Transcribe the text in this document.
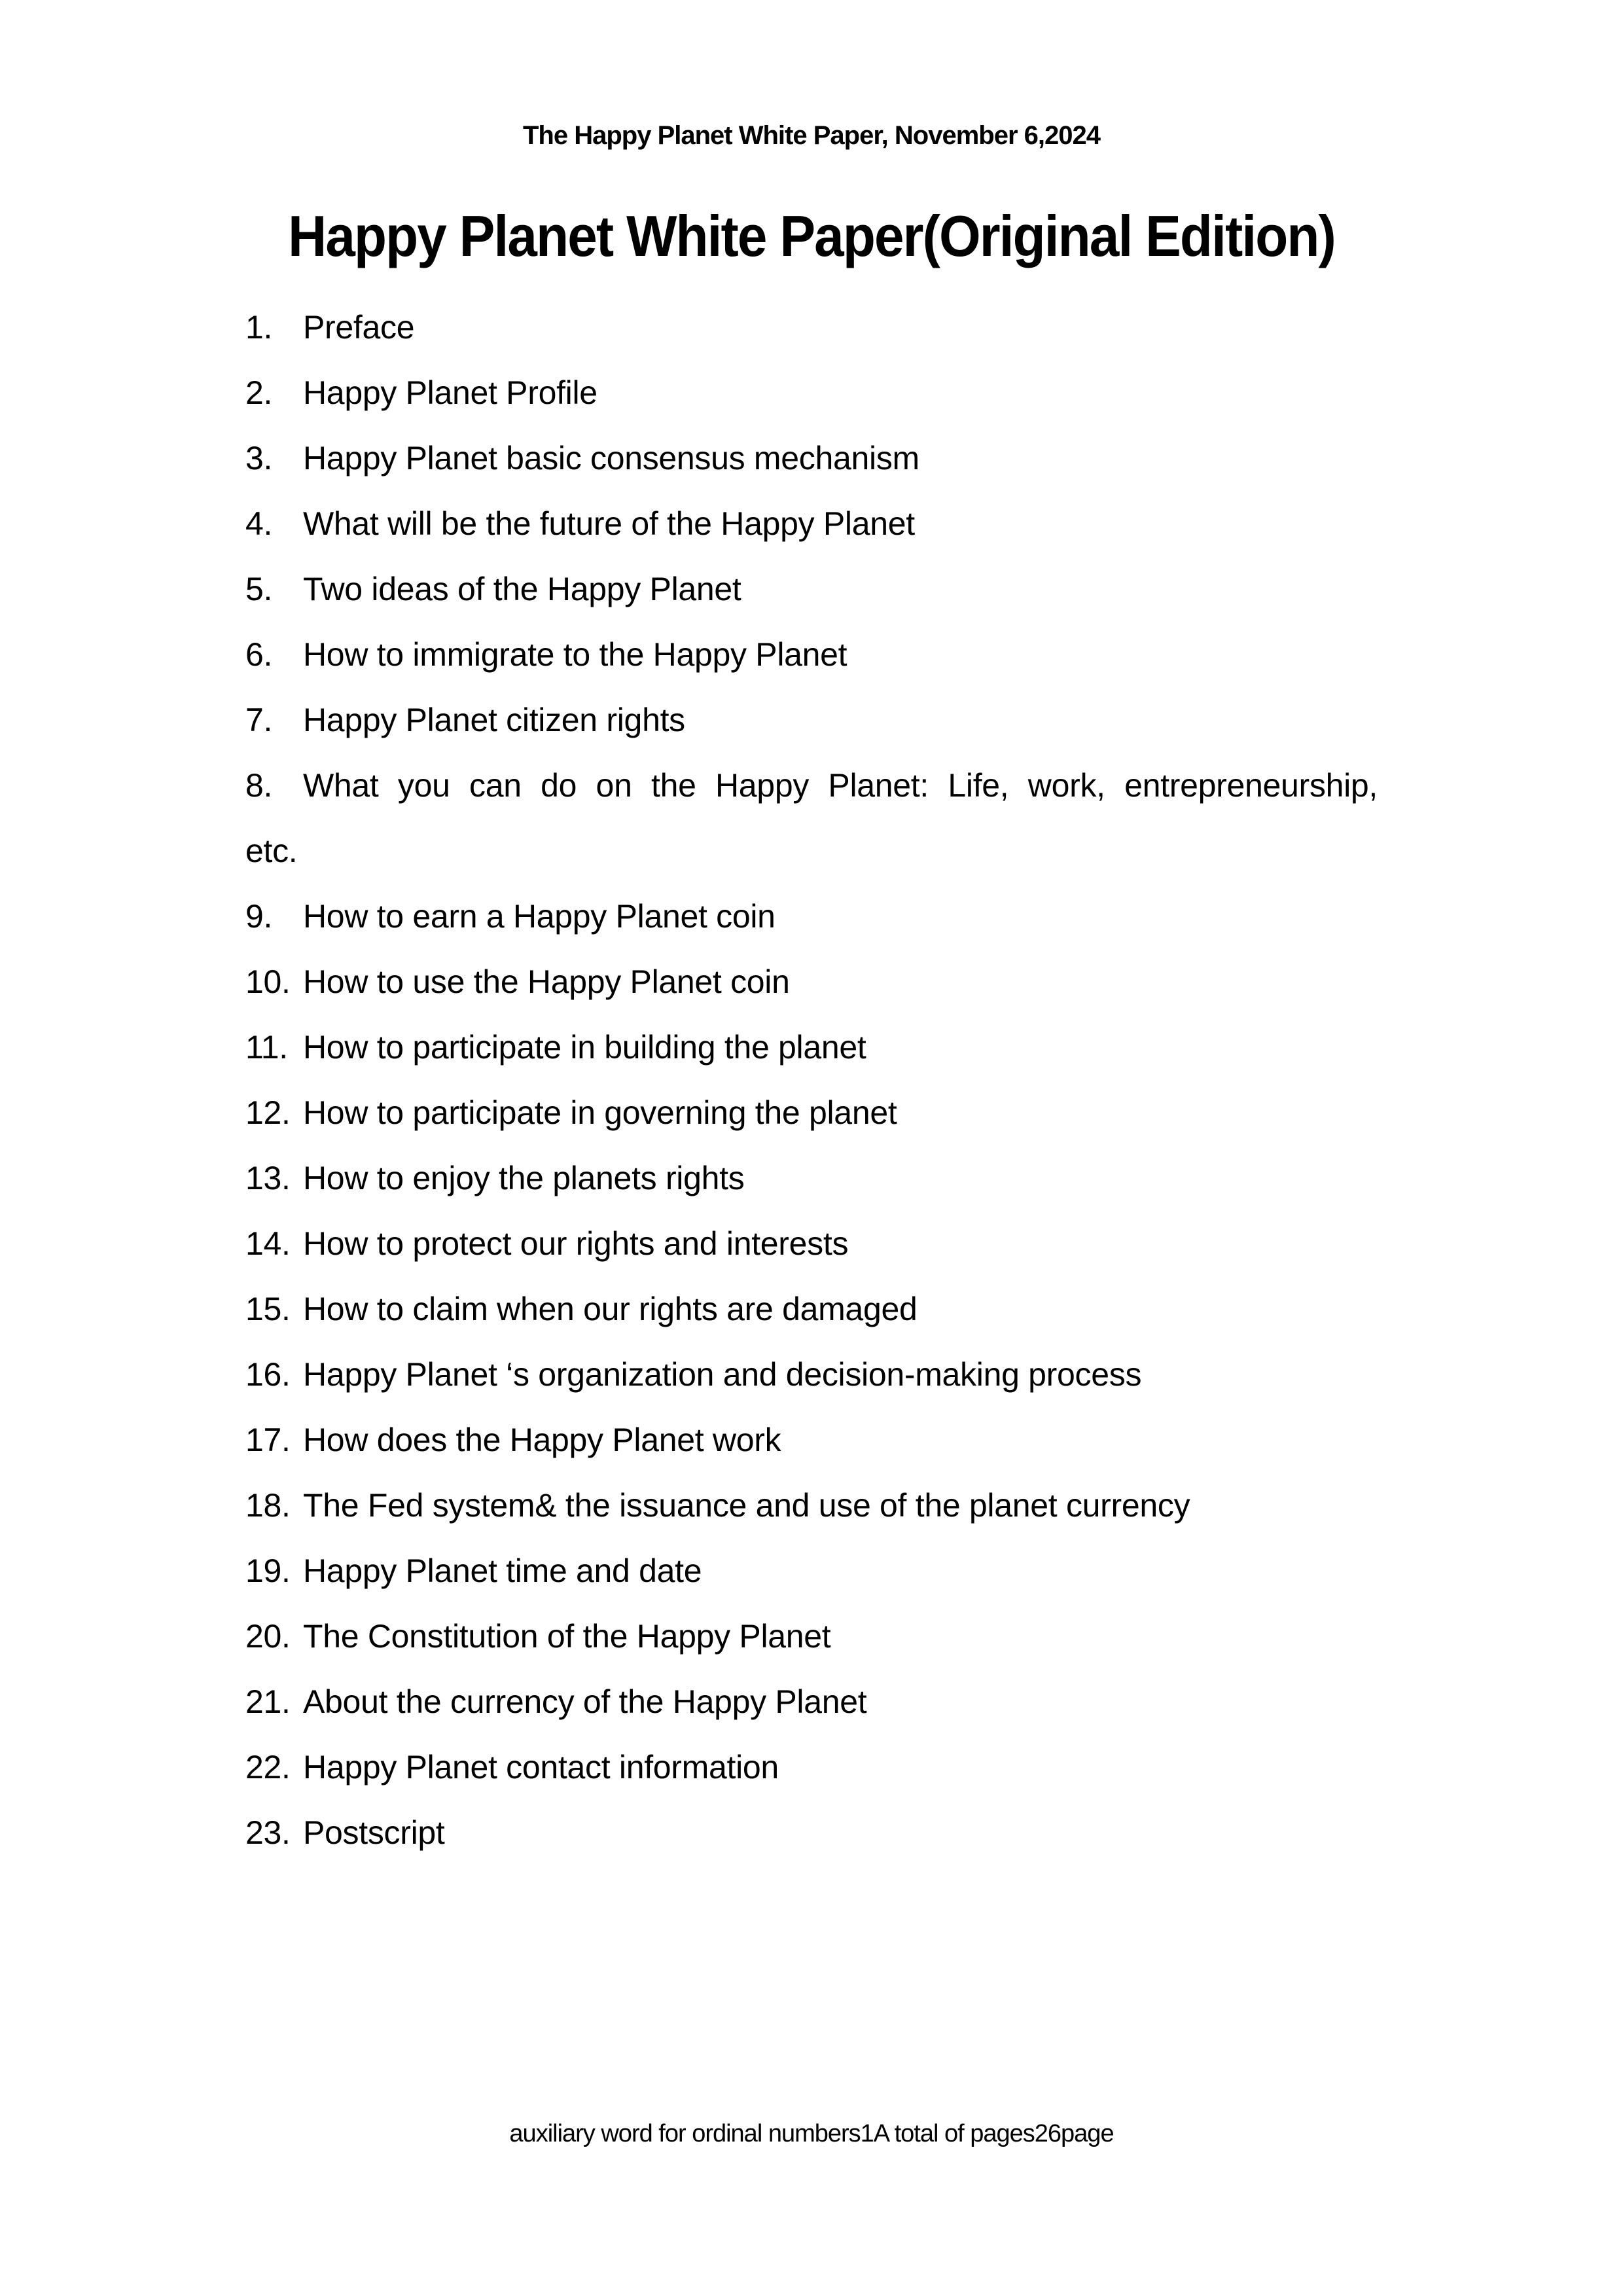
The Happy Planet White Paper, November 6,2024
Happy Planet White Paper(Original Edition)
1. Preface
2. Happy Planet Profile
3. Happy Planet basic consensus mechanism
4. What will be the future of the Happy Planet
5. Two ideas of the Happy Planet
6. How to immigrate to the Happy Planet
7. Happy Planet citizen rights
8. What you can do on the Happy Planet: Life, work, entrepreneurship,
etc.
9. How to earn a Happy Planet coin
10. How to use the Happy Planet coin
11. How to participate in building the planet
12. How to participate in governing the planet
13. How to enjoy the planets rights
14. How to protect our rights and interests
15. How to claim when our rights are damaged
16. Happy Planet ‘s organization and decision-making process
17. How does the Happy Planet work
18. The Fed system& the issuance and use of the planet currency
19. Happy Planet time and date
20. The Constitution of the Happy Planet
21. About the currency of the Happy Planet
22. Happy Planet contact information
23. Postscript
auxiliary word for ordinal numbers1A total of pages26page
